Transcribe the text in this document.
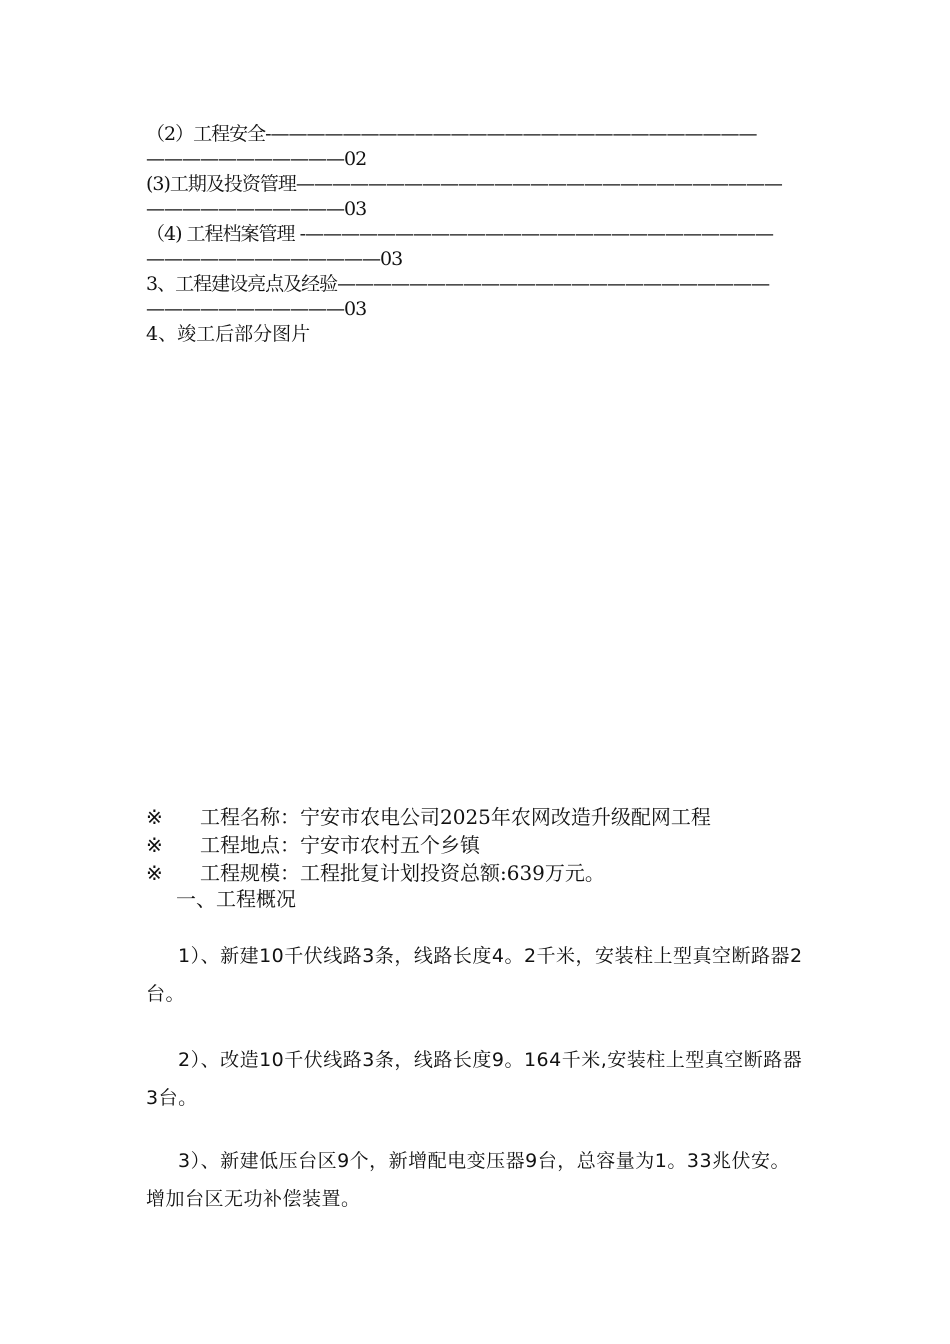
（2）工程安全-———————————————————————————
———————————02
(3)工期及投资管理———————————————————————————
———————————03
（4) 工程档案管理 -——————————————————————————
—————————————03
3、工程建设亮点及经验————————————————————————
———————————03
4、竣工后部分图片
※ 工程名称：宁安市农电公司2025年农网改造升级配网工程
※ 工程地点：宁安市农村五个乡镇
※ 工程规模：工程批复计划投资总额:639万元。
一、工程概况
1）、新建10千伏线路3条，线路长度4。2千米，安装柱上型真空断路器2台。
2）、改造10千伏线路3条，线路长度9。164千米,安装柱上型真空断路器3台。
3）、新建低压台区9个，新增配电变压器9台，总容量为1。33兆伏安。增加台区无功补偿装置。
